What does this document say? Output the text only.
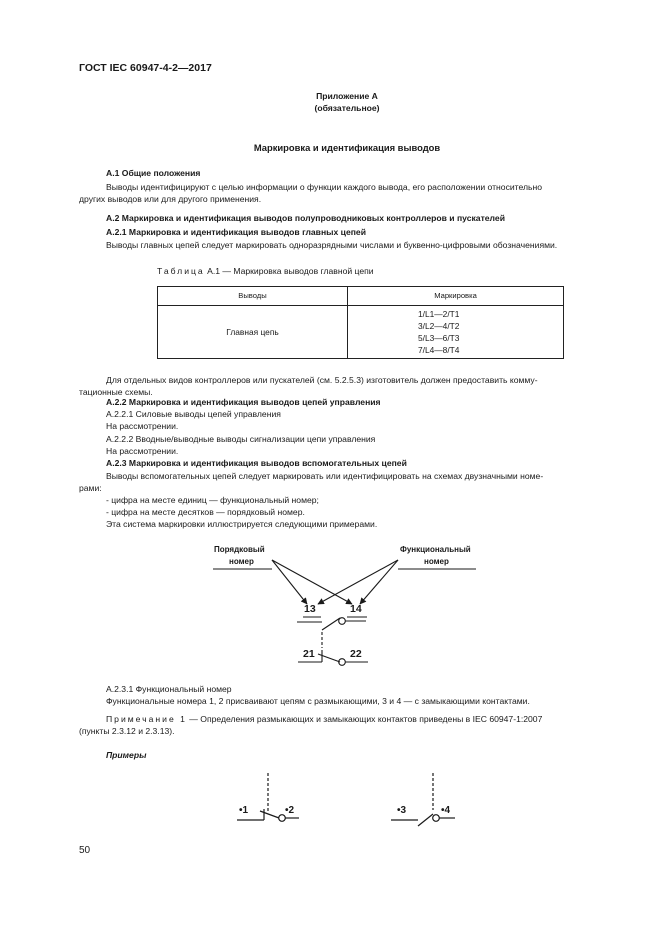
ГОСТ IEC 60947-4-2—2017
Приложение А
(обязательное)
Маркировка и идентификация выводов
А.1 Общие положения
Выводы идентифицируют с целью информации о функции каждого вывода, его расположении относительно
других выводов или для другого применения.
А.2 Маркировка и идентификация выводов полупроводниковых контроллеров и пускателей
А.2.1 Маркировка и идентификация выводов главных цепей
Выводы главных цепей следует маркировать одноразрядными числами и буквенно-цифровыми обозначениями.
Таблица А.1 — Маркировка выводов главной цепи
Выводы	Маркировка
Главная цепь	1/L1—2/T1
3/L2—4/T2
5/L3—6/T3
7/L4—8/T4
Для отдельных видов контроллеров или пускателей (см. 5.2.5.3) изготовитель должен предоставить комму-
тационные схемы.
А.2.2 Маркировка и идентификация выводов цепей управления
А.2.2.1 Силовые выводы цепей управления
На рассмотрении.
А.2.2.2 Вводные/выводные выводы сигнализации цепи управления
На рассмотрении.
А.2.3 Маркировка и идентификация выводов вспомогательных цепей
Выводы вспомогательных цепей следует маркировать или идентифицировать на схемах двузначными номе-
рами:
- цифра на месте единиц — функциональный номер;
- цифра на месте десятков — порядковый номер.
Эта система маркировки иллюстрируется следующими примерами.
Порядковый
номер
Функциональный
номер
13	14
21	22
А.2.3.1 Функциональный номер
Функциональные номера 1, 2 присваивают цепям с размыкающими, 3 и 4 — с замыкающими контактами.
Примечание 1 — Определения размыкающих и замыкающих контактов приведены в IEC 60947-1:2007
(пункты 2.3.12 и 2.3.13).
Примеры
•1	•2	•3	•4
50
